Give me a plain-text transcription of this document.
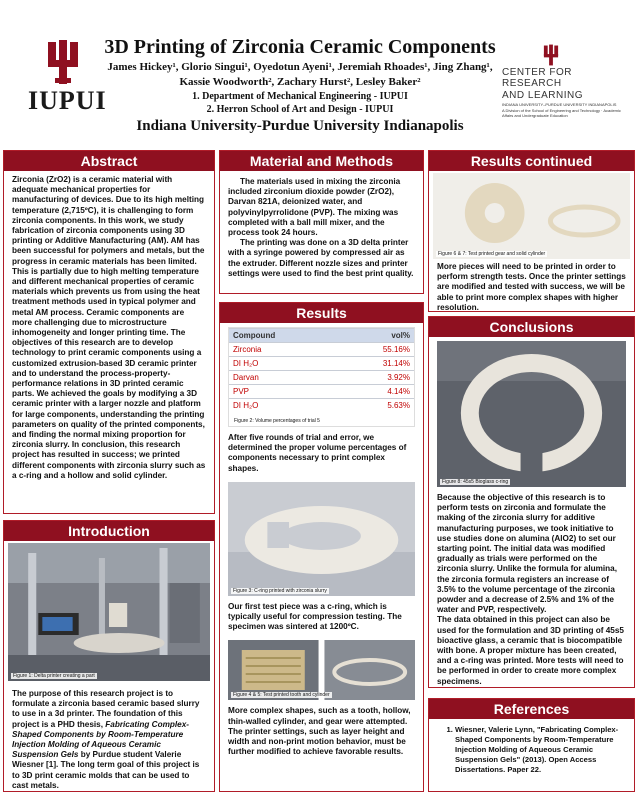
IUPUI
3D Printing of Zirconia Ceramic Components
James Hickey¹, Glorio Singui¹, Oyedotun Ayeni¹, Jeremiah Rhoades¹, Jing Zhang¹,
Kassie Woodworth², Zachary Hurst², Lesley Baker²
1. Department of Mechanical Engineering - IUPUI
2. Herron School of Art and Design - IUPUI
Indiana University-Purdue University Indianapolis
CENTER FOR RESEARCH
AND LEARNING
INDIANA UNIVERSITY–PURDUE UNIVERSITY INDIANAPOLIS
A Division of the School of Engineering and Technology · Academic Affairs and Undergraduate Education
Abstract
Zirconia (ZrO2) is a ceramic material with adequate mechanical properties for manufacturing of devices. Due to its high melting temperature (2,715ºC), it is challenging to form zirconia components. In this work, we study fabrication of zirconia components using 3D printing or Additive Manufacturing (AM). AM has been successful for polymers and metals, but the progress in ceramic materials has been limited. This is partially due to high melting temperature and different mechanical properties of ceramic materials which prevents us from using the heat treatment methods used in typical polymer and metal AM process. Ceramic components are more challenging due to microstructure inhomogeneity and longer printing time. The objectives of this research are to develop technology to print ceramic components using a customized extrusion-based 3D ceramic printer and to understand the process-property-performance relations in 3D printed ceramic parts. We achieved the goals by modifying a 3D ceramic printer with a larger nozzle and platform for large components, understanding the printing parameters on quality of the printed components, and finding the normal mixing proportion for zirconia slurry. In conclusion, this research project has resulted in success; we printed different components with zirconia slurry such as a c-ring and a hollow and solid cylinder.
Introduction
Figure 1: Delta printer creating a part
The purpose of this research project is to formulate a zirconia based ceramic based slurry to use in a 3d printer. The foundation of this project is a PHD thesis, Fabricating Complex-Shaped Components by Room-Temperature Injection Molding of Aqueous Ceramic Suspension Gels by Purdue student Valerie Wiesner [1]. The long term goal of this project is to 3D print ceramic molds that can be used to cast metals.
Material and Methods

The materials used in mixing the zirconia included zirconium dioxide powder (ZrO2), Darvan 821A, deionized water, and polyvinylpyrrolidone (PVP). The mixing was completed with a ball mill mixer, and the process took 24 hours.

The printing was done on a 3D delta printer with a syringe powered by compressed air as the extruder. Different nozzle sizes and printer settings were used to find the best print quality.

Results
Compound	vol%
Zirconia	55.16%
DI H₂O	31.14%
Darvan	3.92%
PVP	4.14%
DI H₂O	5.63%
Figure 2: Volume percentages of trial 5
After five rounds of trial and error, we determined the proper volume percentages of components necessary to print complex shapes.
Figure 3: C-ring printed with zirconia slurry
Our first test piece was a c-ring, which is typically useful for compression testing. The specimen was sintered at 1200ºC.
Figure 4 & 5: Test printed tooth and cylinder
More complex shapes, such as a tooth, hollow, thin-walled cylinder, and gear were attempted. The printer settings, such as layer height and width and non-print motion behavior, must be further modified to achieve favorable results.
Results continued
Figure 6 & 7: Test printed gear and solid cylinder
More pieces will need to be printed in order to perform strength tests. Once the printer settings are modified and tested with success, we will be able to print more complex shapes with higher resolution.
Conclusions
Figure 8: 45s5 Bioglass c-ring

Because the objective of this research is to perform tests on zirconia and formulate the making of the zirconia slurry for additive manufacturing purposes, we took initiative to use studies done on alumina (AlO2) to set our starting point. The initial data was modified gradually as trials were performed on the zirconia slurry. Unlike the formula for alumina, the zirconia formula registers an increase of 3.5% to the volume percentage of the zirconia powder and a decrease of 2.5% and 1% of the water and PVP, respectively.

The data obtained in this project can also be used for the formulation and 3D printing of 45s5 bioactive glass, a ceramic that is biocompatible with bone. A proper mixture has been created, and a c-ring was printed. More tests will need to be performed in order to create more complex specimens.

References
1. Wiesner, Valerie Lynn, "Fabricating Complex-Shaped Components by Room-Temperature Injection Molding of Aqueous Ceramic Suspension Gels" (2013). Open Access Dissertations. Paper 22.
